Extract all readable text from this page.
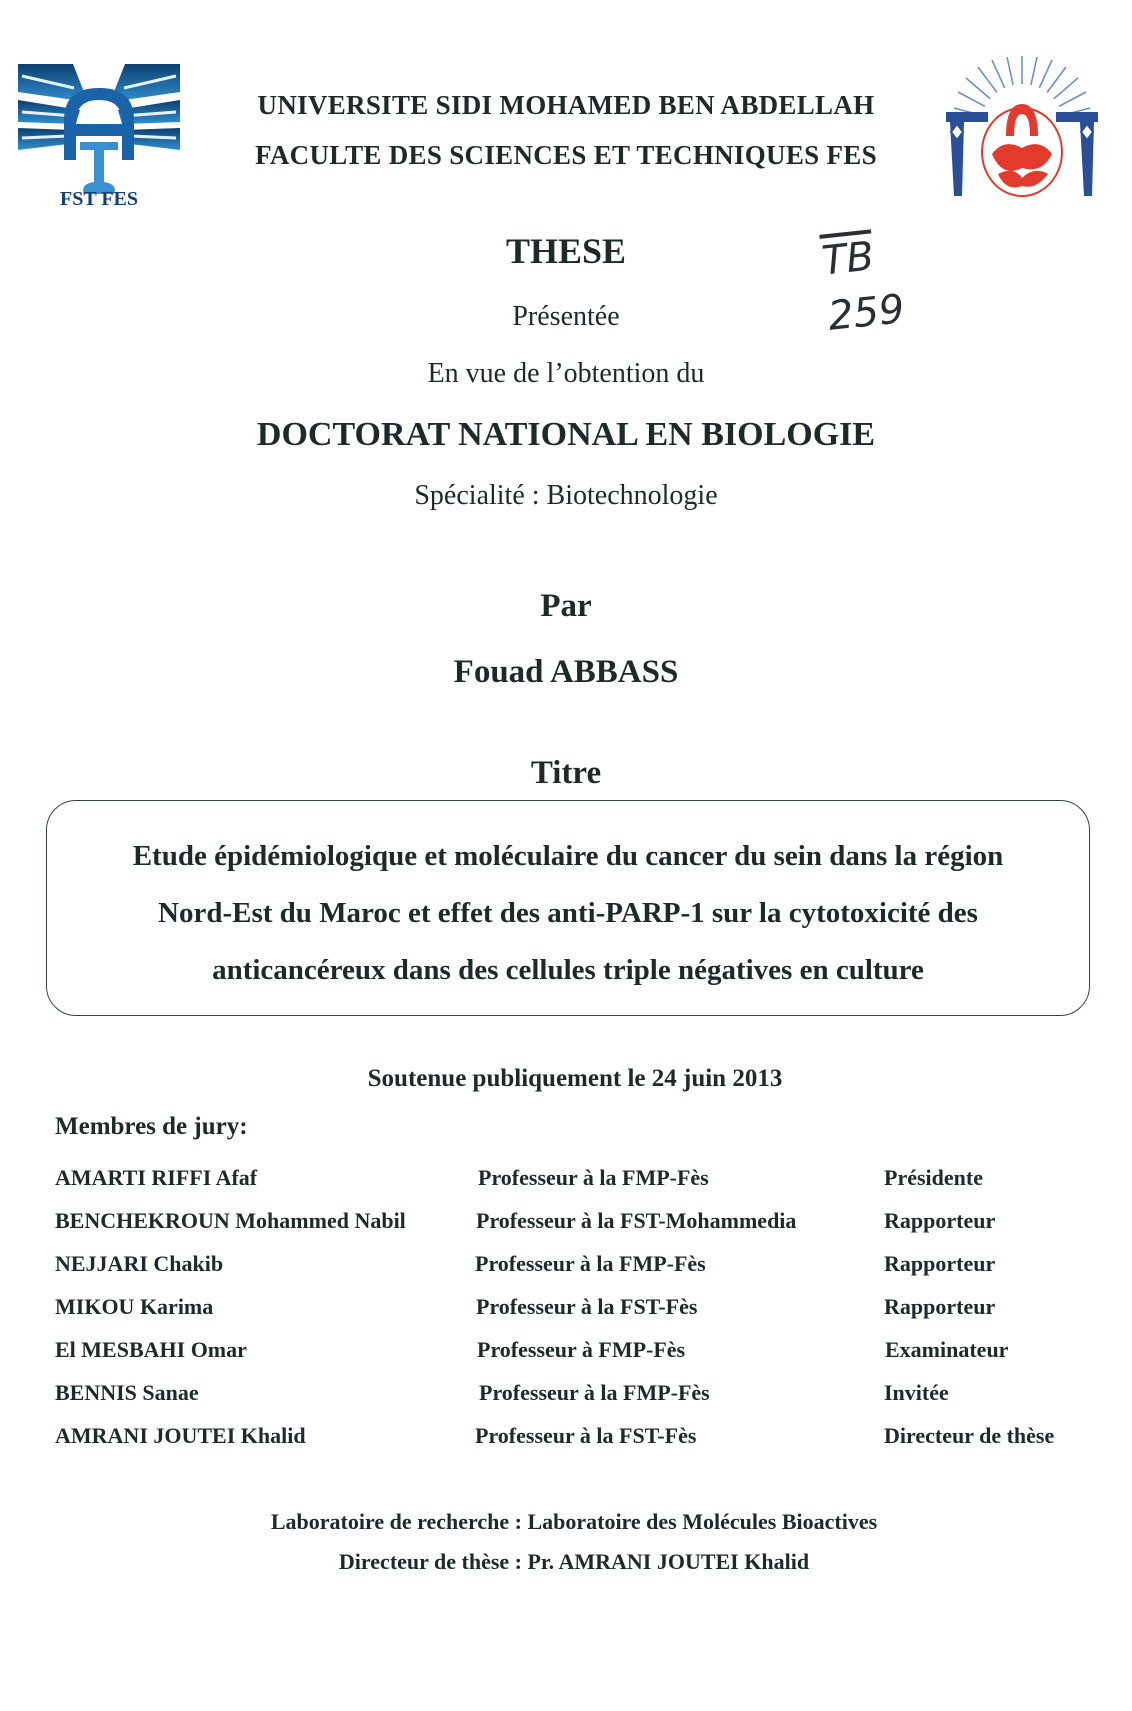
FST FES
UNIVERSITE SIDI MOHAMED BEN ABDELLAH
FACULTE DES SCIENCES ET TECHNIQUES FES
$\overline{TB}$
259
THESE
Présentée
En vue de l’obtention du
DOCTORAT NATIONAL EN BIOLOGIE
Spécialité : Biotechnologie
Par
Fouad ABBASS
Titre
Etude épidémiologique et moléculaire du cancer du sein dans la région
Nord-Est du Maroc et effet des anti-PARP-1 sur la cytotoxicité des
anticancéreux dans des cellules triple négatives en culture
Soutenue publiquement le 24 juin 2013
Membres de jury:
AMARTI RIFFI Afaf	Professeur à la FMP-Fès	Présidente
BENCHEKROUN Mohammed Nabil	Professeur à la FST-Mohammedia	Rapporteur
NEJJARI Chakib	Professeur à la FMP-Fès	Rapporteur
MIKOU Karima	Professeur à la FST-Fès	Rapporteur
El MESBAHI Omar	Professeur à FMP-Fès	Examinateur
BENNIS Sanae	Professeur à la FMP-Fès	Invitée
AMRANI JOUTEI Khalid	Professeur à la FST-Fès	Directeur de thèse
Laboratoire de recherche : Laboratoire des Molécules Bioactives
Directeur de thèse : Pr. AMRANI JOUTEI Khalid
